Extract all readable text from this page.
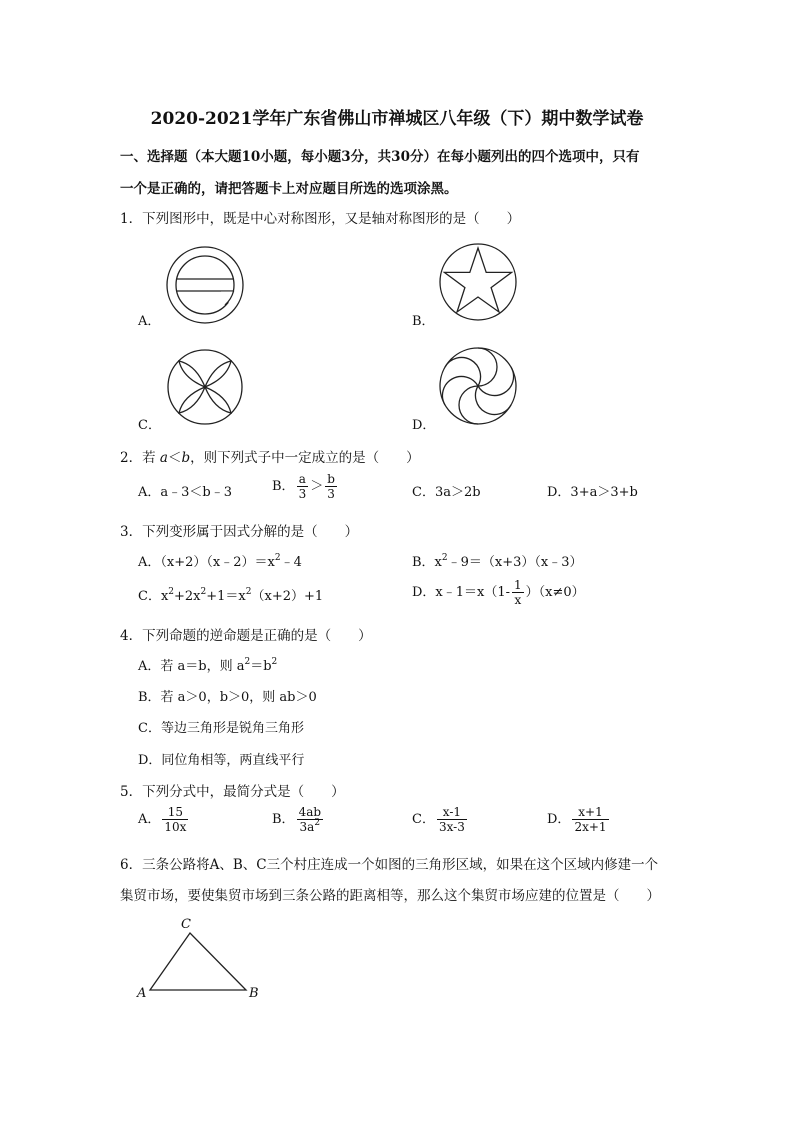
2020-2021学年广东省佛山市禅城区八年级（下）期中数学试卷
一、选择题（本大题10小题，每小题3分，共30分）在每小题列出的四个选项中，只有
一个是正确的，请把答题卡上对应题目所选的选项涂黑。
1．下列图形中，既是中心对称图形，又是轴对称图形的是（　　）
A．	B．
C．	D．
2．若 a＜b，则下列式子中一定成立的是（　　）
A．a﹣3＜b﹣3	B． $\frac{a}{3} > \frac{b}{3}$	C．3a＞2b	D．3+a＞3+b
3．下列变形属于因式分解的是（　　）
A．$(x+2)(x﹣2)=x^2﹣4$	B．$x^2﹣9=(x+3)(x﹣3)$
C．$x^2+2x^2+1=x^2(x+2)+1$	D．x﹣1＝x（1- $\frac{1}{x} )(x\ne 0)$
4．下列命题的逆命题是正确的是（　　）
A．若 a＝b，则 $a^2=b^2$
B．若 a＞0，b＞0，则 ab＞0
C．等边三角形是锐角三角形
D．同位角相等，两直线平行
5．下列分式中，最简分式是（　　）
A． $\frac{15}{10x}$	B． $\frac{4ab}{3a^2}$	C． $\frac{x-1}{3x-3}$	D． $\frac{x+1}{2x+1}$
6．三条公路将A、B、C三个村庄连成一个如图的三角形区域，如果在这个区域内修建一个
集贸市场，要使集贸市场到三条公路的距离相等，那么这个集贸市场应建的位置是（　　）
A	B
C
